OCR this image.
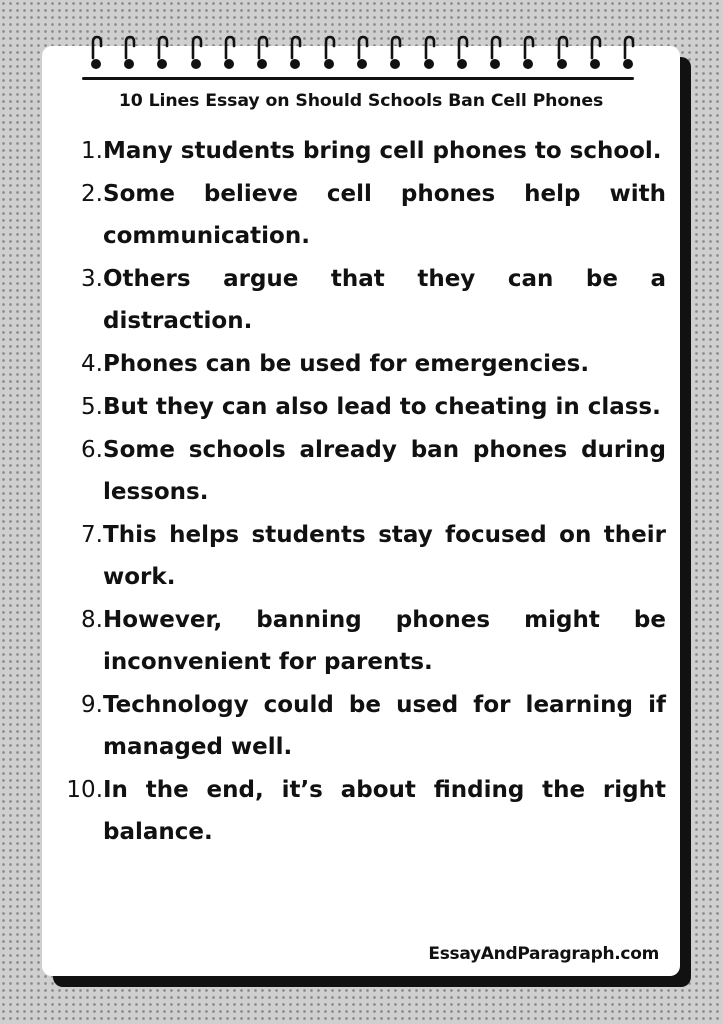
10 Lines Essay on Should Schools Ban Cell Phones
1. Many students bring cell phones to school.
2. Some believe cell phones help with communication.
3. Others argue that they can be a distraction.
4. Phones can be used for emergencies.
5. But they can also lead to cheating in class.
6. Some schools already ban phones during lessons.
7. This helps students stay focused on their work.
8. However, banning phones might be inconvenient for parents.
9. Technology could be used for learning if managed well.
10. In the end, it’s about finding the right balance.
EssayAndParagraph.com
